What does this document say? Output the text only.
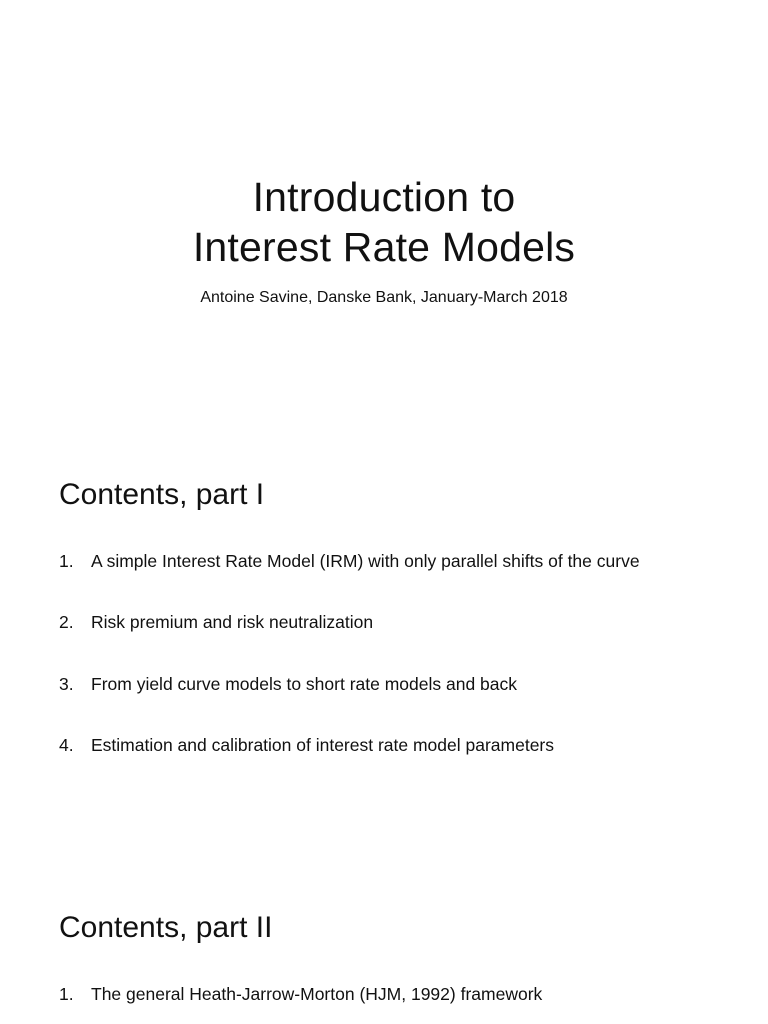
Introduction to
Interest Rate Models
Antoine Savine, Danske Bank, January-March 2018
Contents, part I
1. A simple Interest Rate Model (IRM) with only parallel shifts of the curve
2. Risk premium and risk neutralization
3. From yield curve models to short rate models and back
4. Estimation and calibration of interest rate model parameters
Contents, part II
1. The general Heath-Jarrow-Morton (HJM, 1992) framework
